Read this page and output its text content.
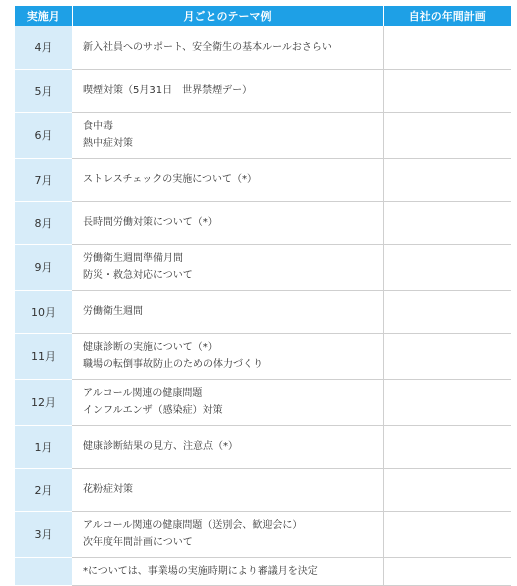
実施月	月ごとのテーマ例	自社の年間計画
4月	新入社員へのサポート、安全衛生の基本ルールおさらい	

5月	喫煙対策（5月31日　世界禁煙デー）	

6月	食中毒
熱中症対策	

7月	ストレスチェックの実施について（*）	

8月	長時間労働対策について（*）	

9月	労働衛生週間準備月間
防災・救急対応について	

10月	労働衛生週間	

11月	健康診断の実施について（*）
職場の転倒事故防止のための体力づくり	

12月	アルコール関連の健康問題
インフルエンザ（感染症）対策	

1月	健康診断結果の見方、注意点（*）	

2月	花粉症対策	

3月	アルコール関連の健康問題（送別会、歓迎会に）
次年度年間計画について	

	*については、事業場の実施時期により審議月を決定	
